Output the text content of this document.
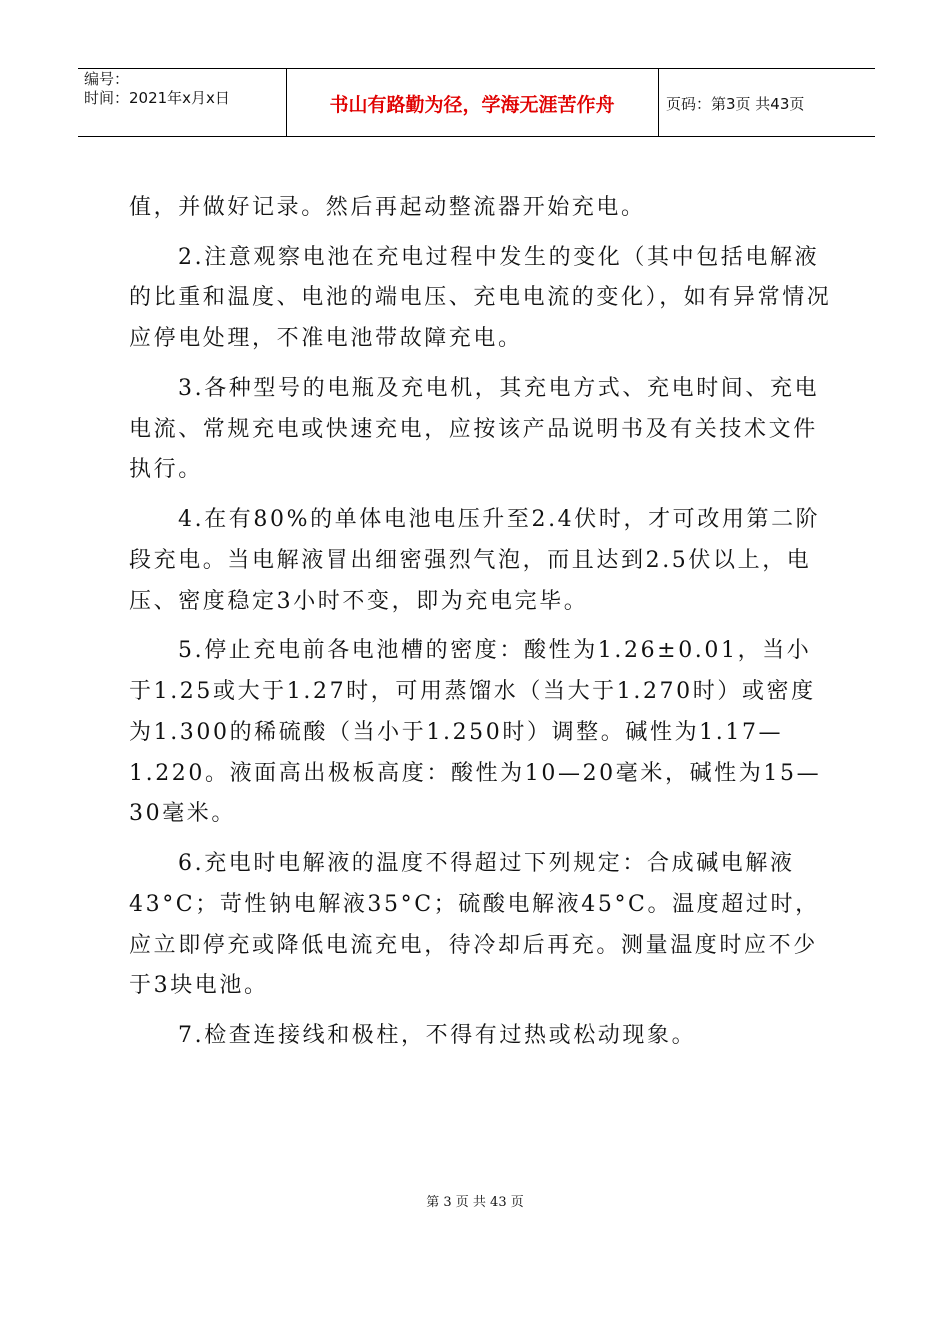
编号：
时间：2021年x月x日	书山有路勤为径，学海无涯苦作舟	页码：第3页 共43页

值，并做好记录。然后再起动整流器开始充电。

2.注意观察电池在充电过程中发生的变化（其中包括电解液的比重和温度、电池的端电压、充电电流的变化），如有异常情况应停电处理，不准电池带故障充电。

3.各种型号的电瓶及充电机，其充电方式、充电时间、充电电流、常规充电或快速充电，应按该产品说明书及有关技术文件执行。

4.在有80%的单体电池电压升至2.4伏时，才可改用第二阶段充电。当电解液冒出细密强烈气泡，而且达到2.5伏以上，电压、密度稳定3小时不变，即为充电完毕。

5.停止充电前各电池槽的密度：酸性为1.26±0.01，当小于1.25或大于1.27时，可用蒸馏水（当大于1.270时）或密度为1.300的稀硫酸（当小于1.250时）调整。碱性为1.17—1.220。液面高出极板高度：酸性为10—20毫米，碱性为15—30毫米。

6.充电时电解液的温度不得超过下列规定：合成碱电解液43°C；苛性钠电解液35°C；硫酸电解液45°C。温度超过时，应立即停充或降低电流充电，待冷却后再充。测量温度时应不少于3块电池。

7.检查连接线和极柱，不得有过热或松动现象。

第 3 页 共 43 页
